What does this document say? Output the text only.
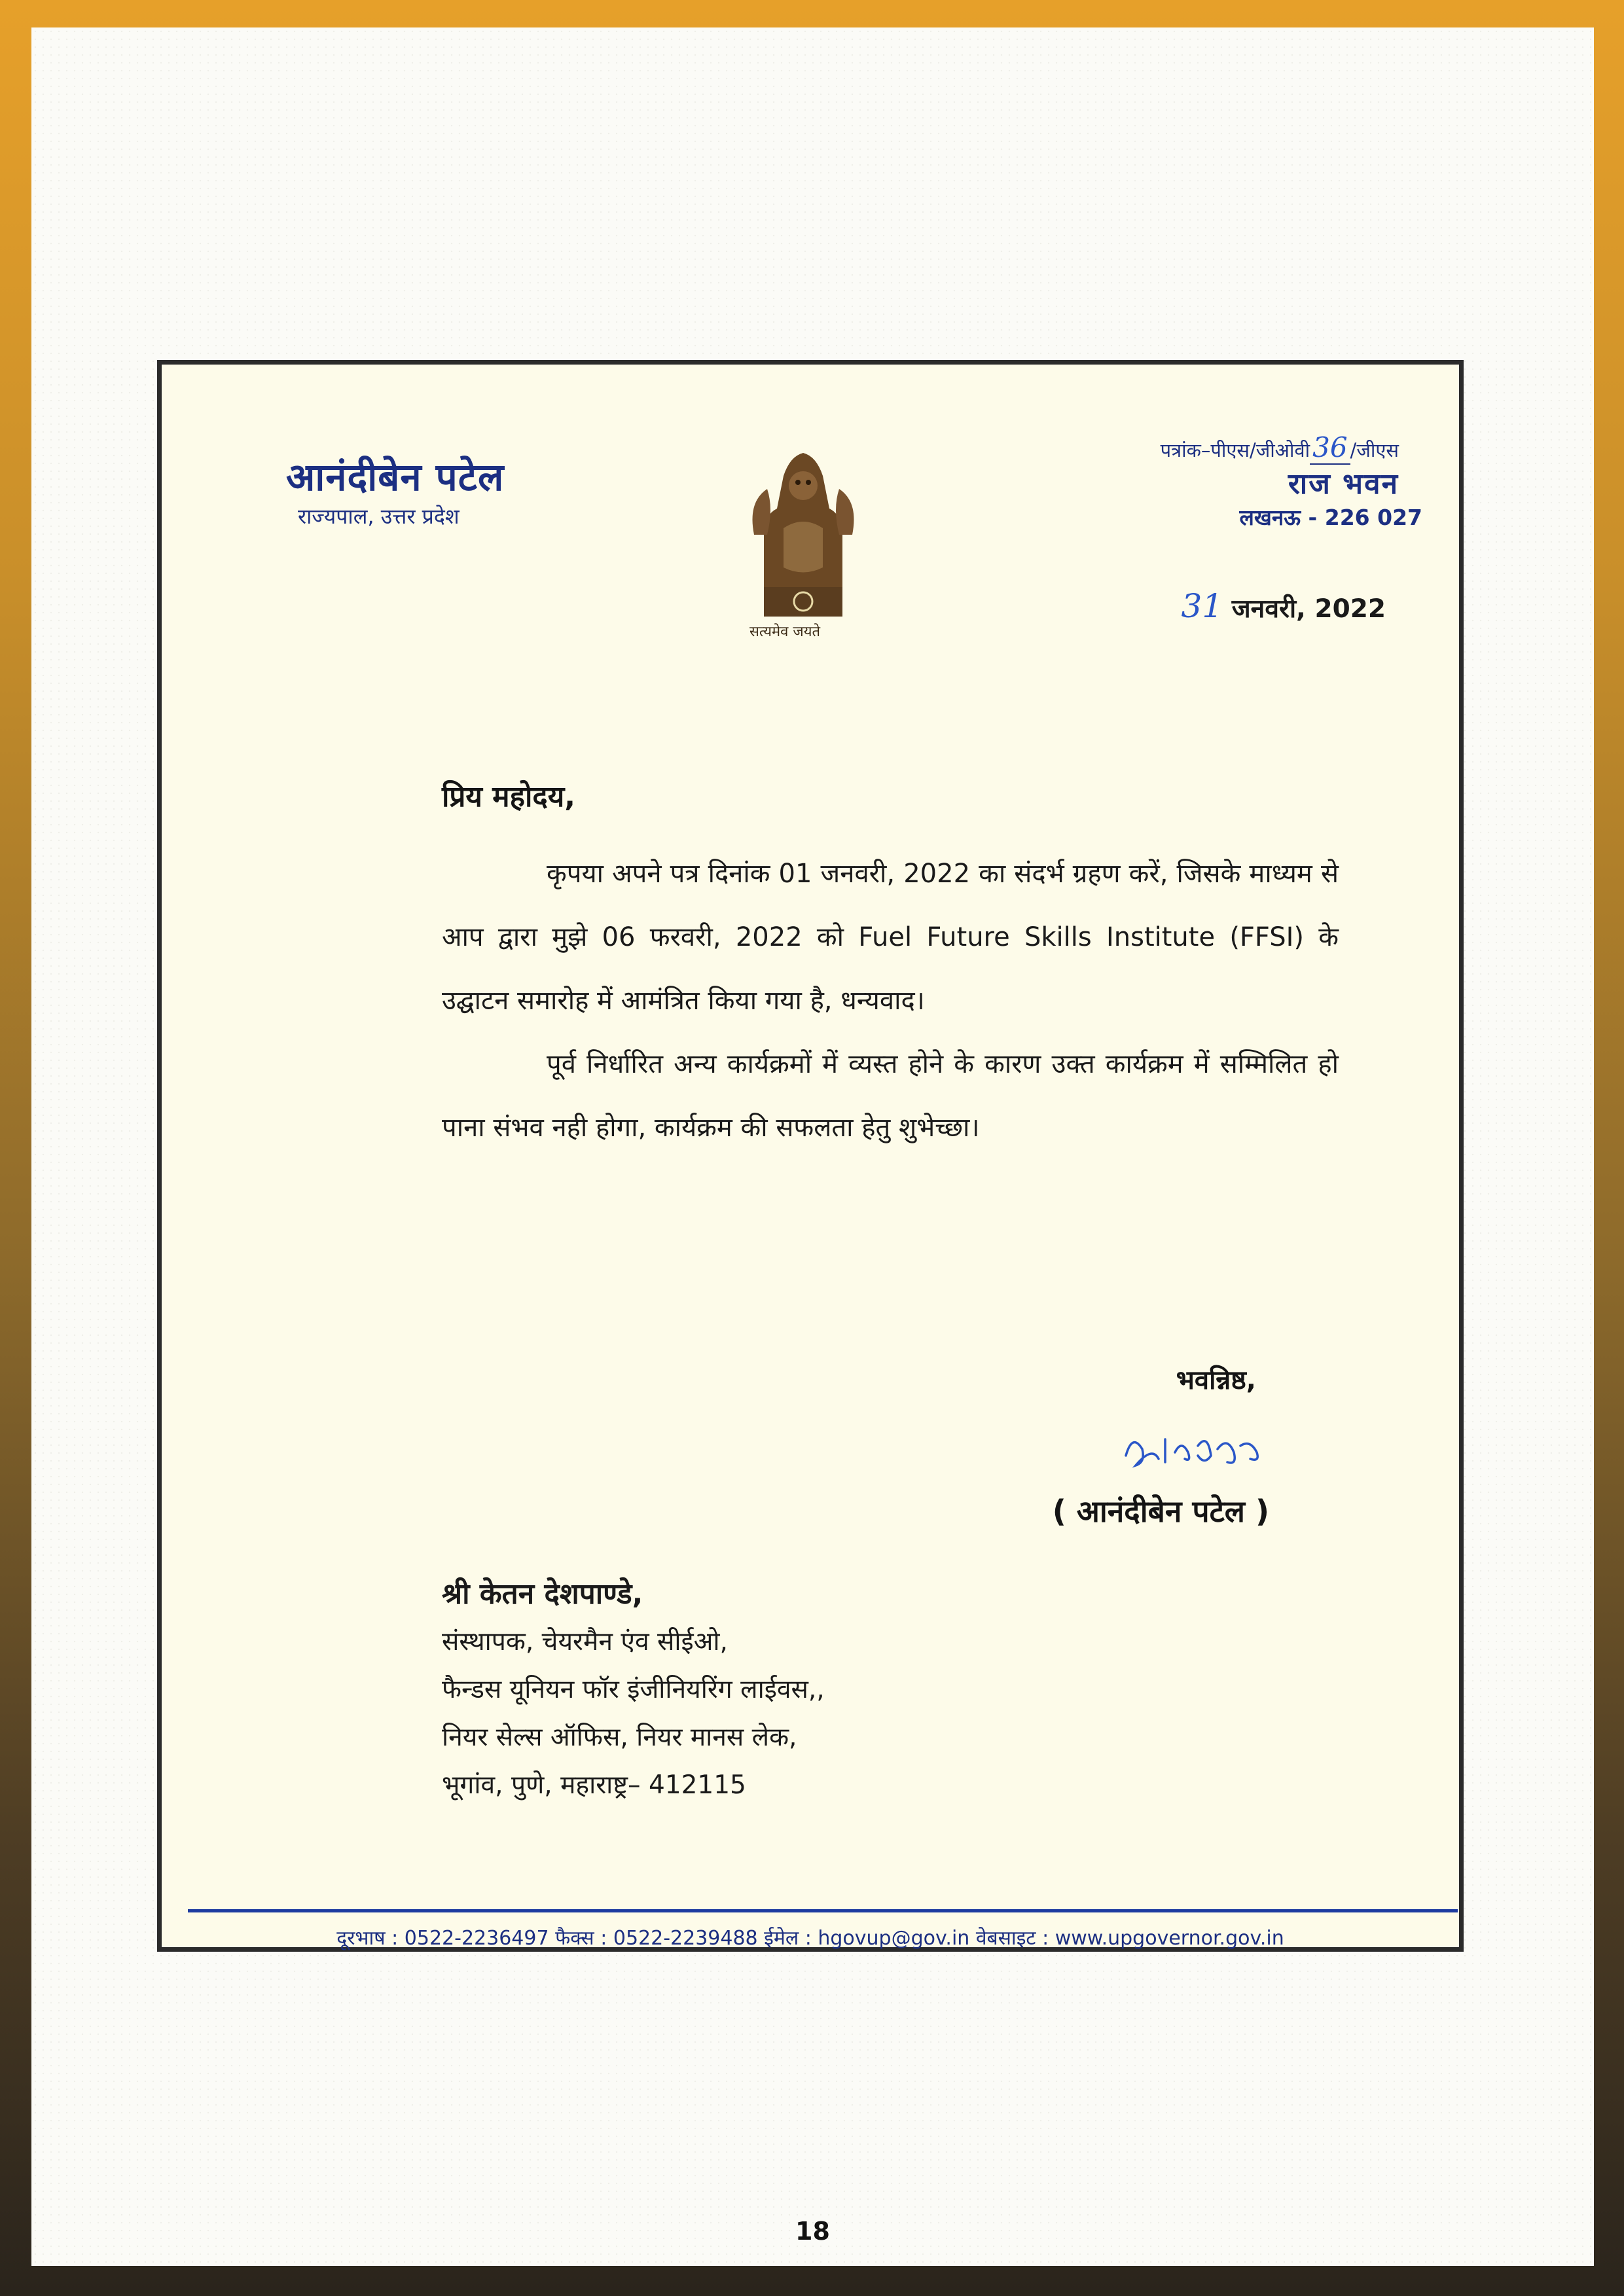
आनंदीबेन पटेल
राज्यपाल, उत्तर प्रदेश
सत्यमेव जयते
पत्रांक–पीएस/जीओवी36 /जीएस
राज भवन
लखनऊ - 226 027
31 जनवरी, 2022
प्रिय महोदय,

कृपया अपने पत्र दिनांक 01 जनवरी, 2022 का संदर्भ ग्रहण करें, जिसके माध्यम से आप द्वारा मुझे 06 फरवरी, 2022 को Fuel Future Skills Institute (FFSI) के उद्घाटन समारोह में आमंत्रित किया गया है, धन्यवाद।

पूर्व निर्धारित अन्य कार्यक्रमों में व्यस्त होने के कारण उक्त कार्यक्रम में सम्मिलित हो पाना संभव नही होगा, कार्यक्रम की सफलता हेतु शुभेच्छा।

भवन्निष्ठ,
( आनंदीबेन पटेल )
श्री केतन देशपाण्डे,
संस्थापक, चेयरमैन एंव सीईओ,
फैन्डस यूनियन फॉर इंजीनियरिंग लाईवस,,
नियर सेल्स ऑफिस, नियर मानस लेक,
भूगांव, पुणे, महाराष्ट्र– 412115
दूरभाष : 0522-2236497 फैक्स : 0522-2239488 ईमेल : hgovup@gov.in वेबसाइट : www.upgovernor.gov.in
18
